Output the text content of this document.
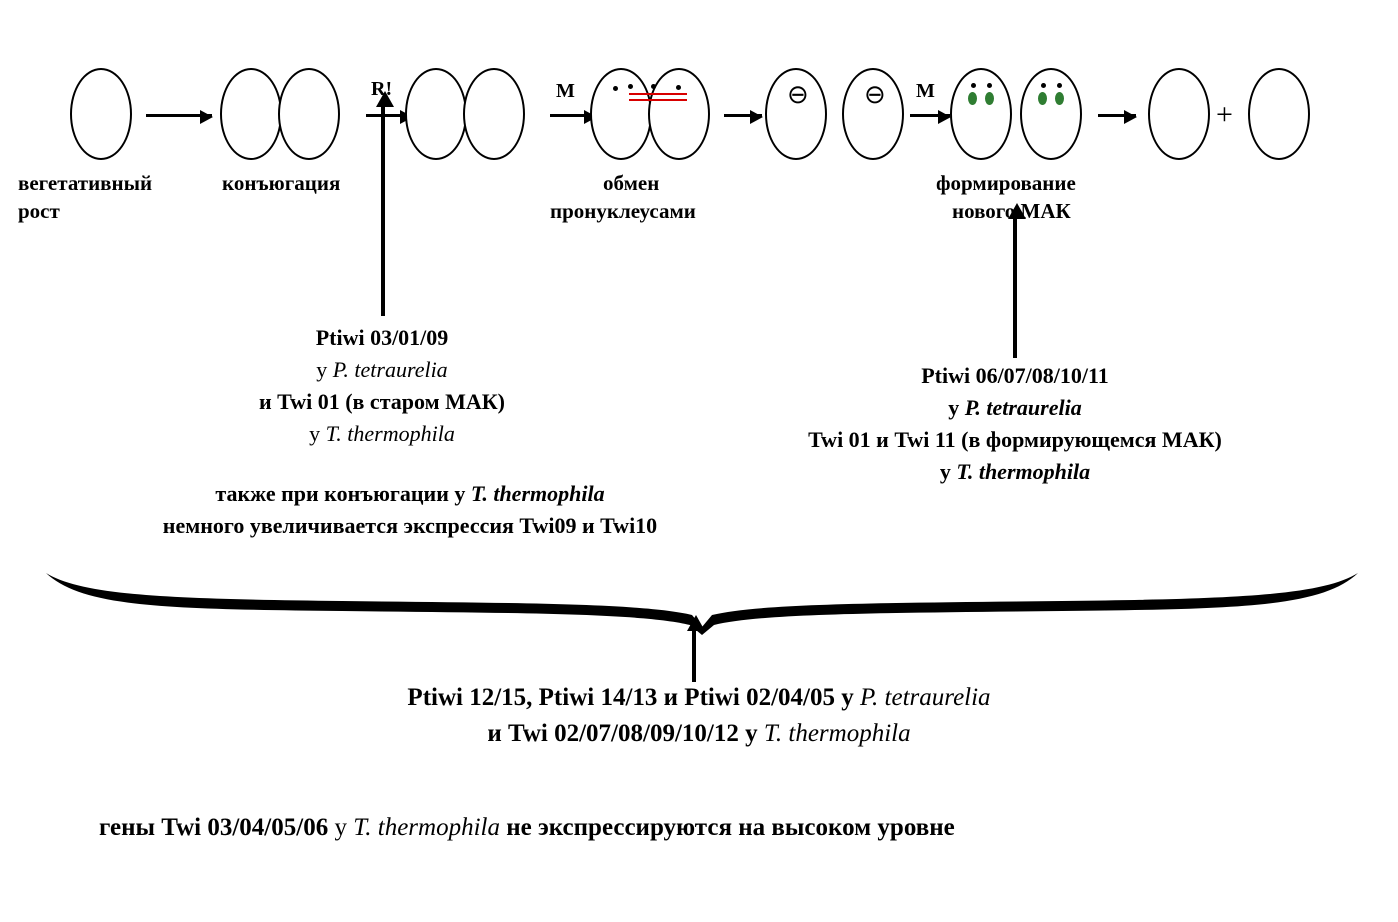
R!	М	⊖ ⊖ М
+
вегетативный
рост
конъюгация	обмен
пронуклеусами
формирование
нового МАК
Ptiwi 03/01/09
у P. tetraurelia
и Twi 01 (в старом МАК)
у T. thermophila
также при конъюгации у T. thermophila
немного увеличивается экспрессия Twi09 и Twi10
Ptiwi 06/07/08/10/11
у P. tetraurelia
Twi 01 и Twi 11 (в формирующемся МАК)
у T. thermophila
Ptiwi 12/15, Ptiwi 14/13 и Ptiwi 02/04/05 у P. tetraurelia
и Twi 02/07/08/09/10/12 у T. thermophila
гены Twi 03/04/05/06 у T. thermophila не экспрессируются на высоком уровне
